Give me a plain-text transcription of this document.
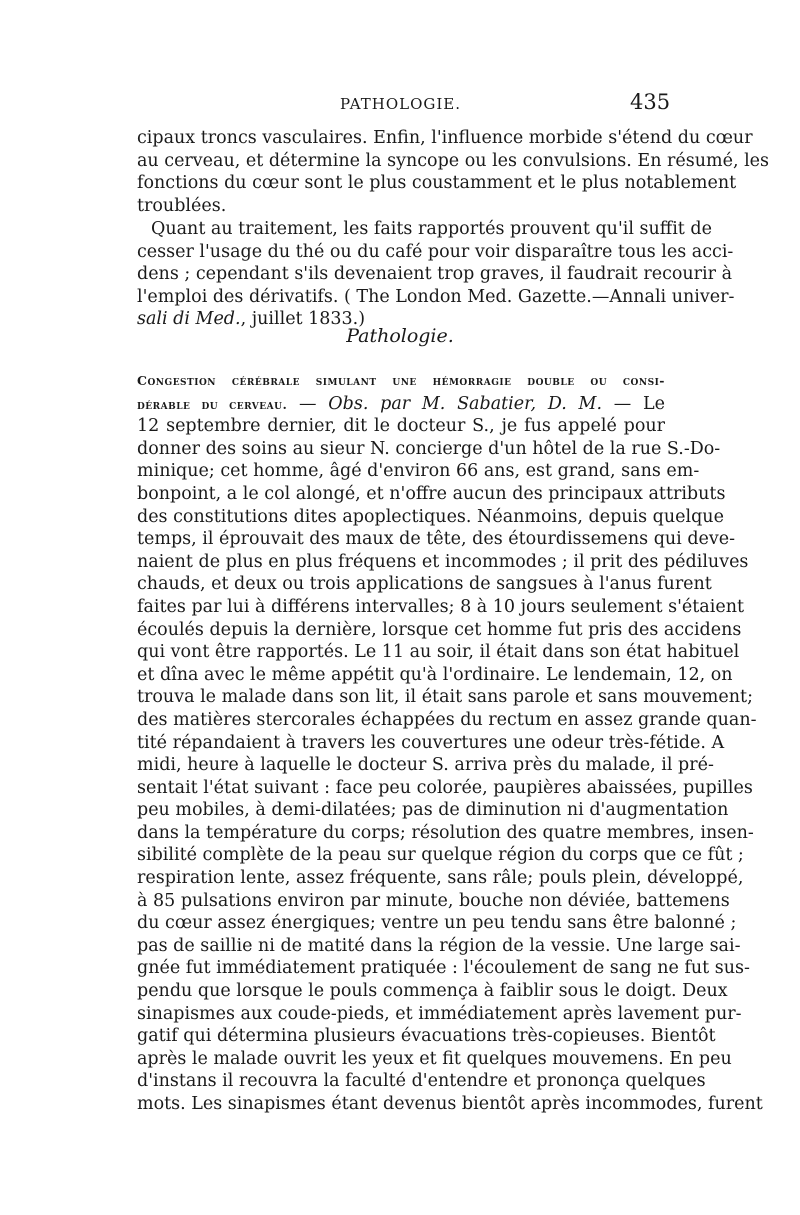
PATHOLOGIE.	435
cipaux troncs vasculaires. Enfin, l'influence morbide s'étend du cœur
au cerveau, et détermine la syncope ou les convulsions. En résumé, les
fonctions du cœur sont le plus coustamment et le plus notablement
troublées.
Quant au traitement, les faits rapportés prouvent qu'il suffit de
cesser l'usage du thé ou du café pour voir disparaître tous les acci-
dens ; cependant s'ils devenaient trop graves, il faudrait recourir à
l'emploi des dérivatifs. ( The London Med. Gazette.—Annali univer-
sali di Med., juillet 1833.)
Pathologie.
Congestion cérébrale simulant une hémorragie double ou consi-
dérable du cerveau. — Obs. par M. Sabatier, D. M. — Le
12 septembre dernier, dit le docteur S., je fus appelé pour
donner des soins au sieur N. concierge d'un hôtel de la rue S.-Do-
minique; cet homme, âgé d'environ 66 ans, est grand, sans em-
bonpoint, a le col alongé, et n'offre aucun des principaux attributs
des constitutions dites apoplectiques. Néanmoins, depuis quelque
temps, il éprouvait des maux de tête, des étourdissemens qui deve-
naient de plus en plus fréquens et incommodes ; il prit des pédiluves
chauds, et deux ou trois applications de sangsues à l'anus furent
faites par lui à différens intervalles; 8 à 10 jours seulement s'étaient
écoulés depuis la dernière, lorsque cet homme fut pris des accidens
qui vont être rapportés. Le 11 au soir, il était dans son état habituel
et dîna avec le même appétit qu'à l'ordinaire. Le lendemain, 12, on
trouva le malade dans son lit, il était sans parole et sans mouvement;
des matières stercorales échappées du rectum en assez grande quan-
tité répandaient à travers les couvertures une odeur très-fétide. A
midi, heure à laquelle le docteur S. arriva près du malade, il pré-
sentait l'état suivant : face peu colorée, paupières abaissées, pupilles
peu mobiles, à demi-dilatées; pas de diminution ni d'augmentation
dans la température du corps; résolution des quatre membres, insen-
sibilité complète de la peau sur quelque région du corps que ce fût ;
respiration lente, assez fréquente, sans râle; pouls plein, développé,
à 85 pulsations environ par minute, bouche non déviée, battemens
du cœur assez énergiques; ventre un peu tendu sans être balonné ;
pas de saillie ni de matité dans la région de la vessie. Une large sai-
gnée fut immédiatement pratiquée : l'écoulement de sang ne fut sus-
pendu que lorsque le pouls commença à faiblir sous le doigt. Deux
sinapismes aux coude-pieds, et immédiatement après lavement pur-
gatif qui détermina plusieurs évacuations très-copieuses. Bientôt
après le malade ouvrit les yeux et fit quelques mouvemens. En peu
d'instans il recouvra la faculté d'entendre et prononça quelques
mots. Les sinapismes étant devenus bientôt après incommodes, furent
